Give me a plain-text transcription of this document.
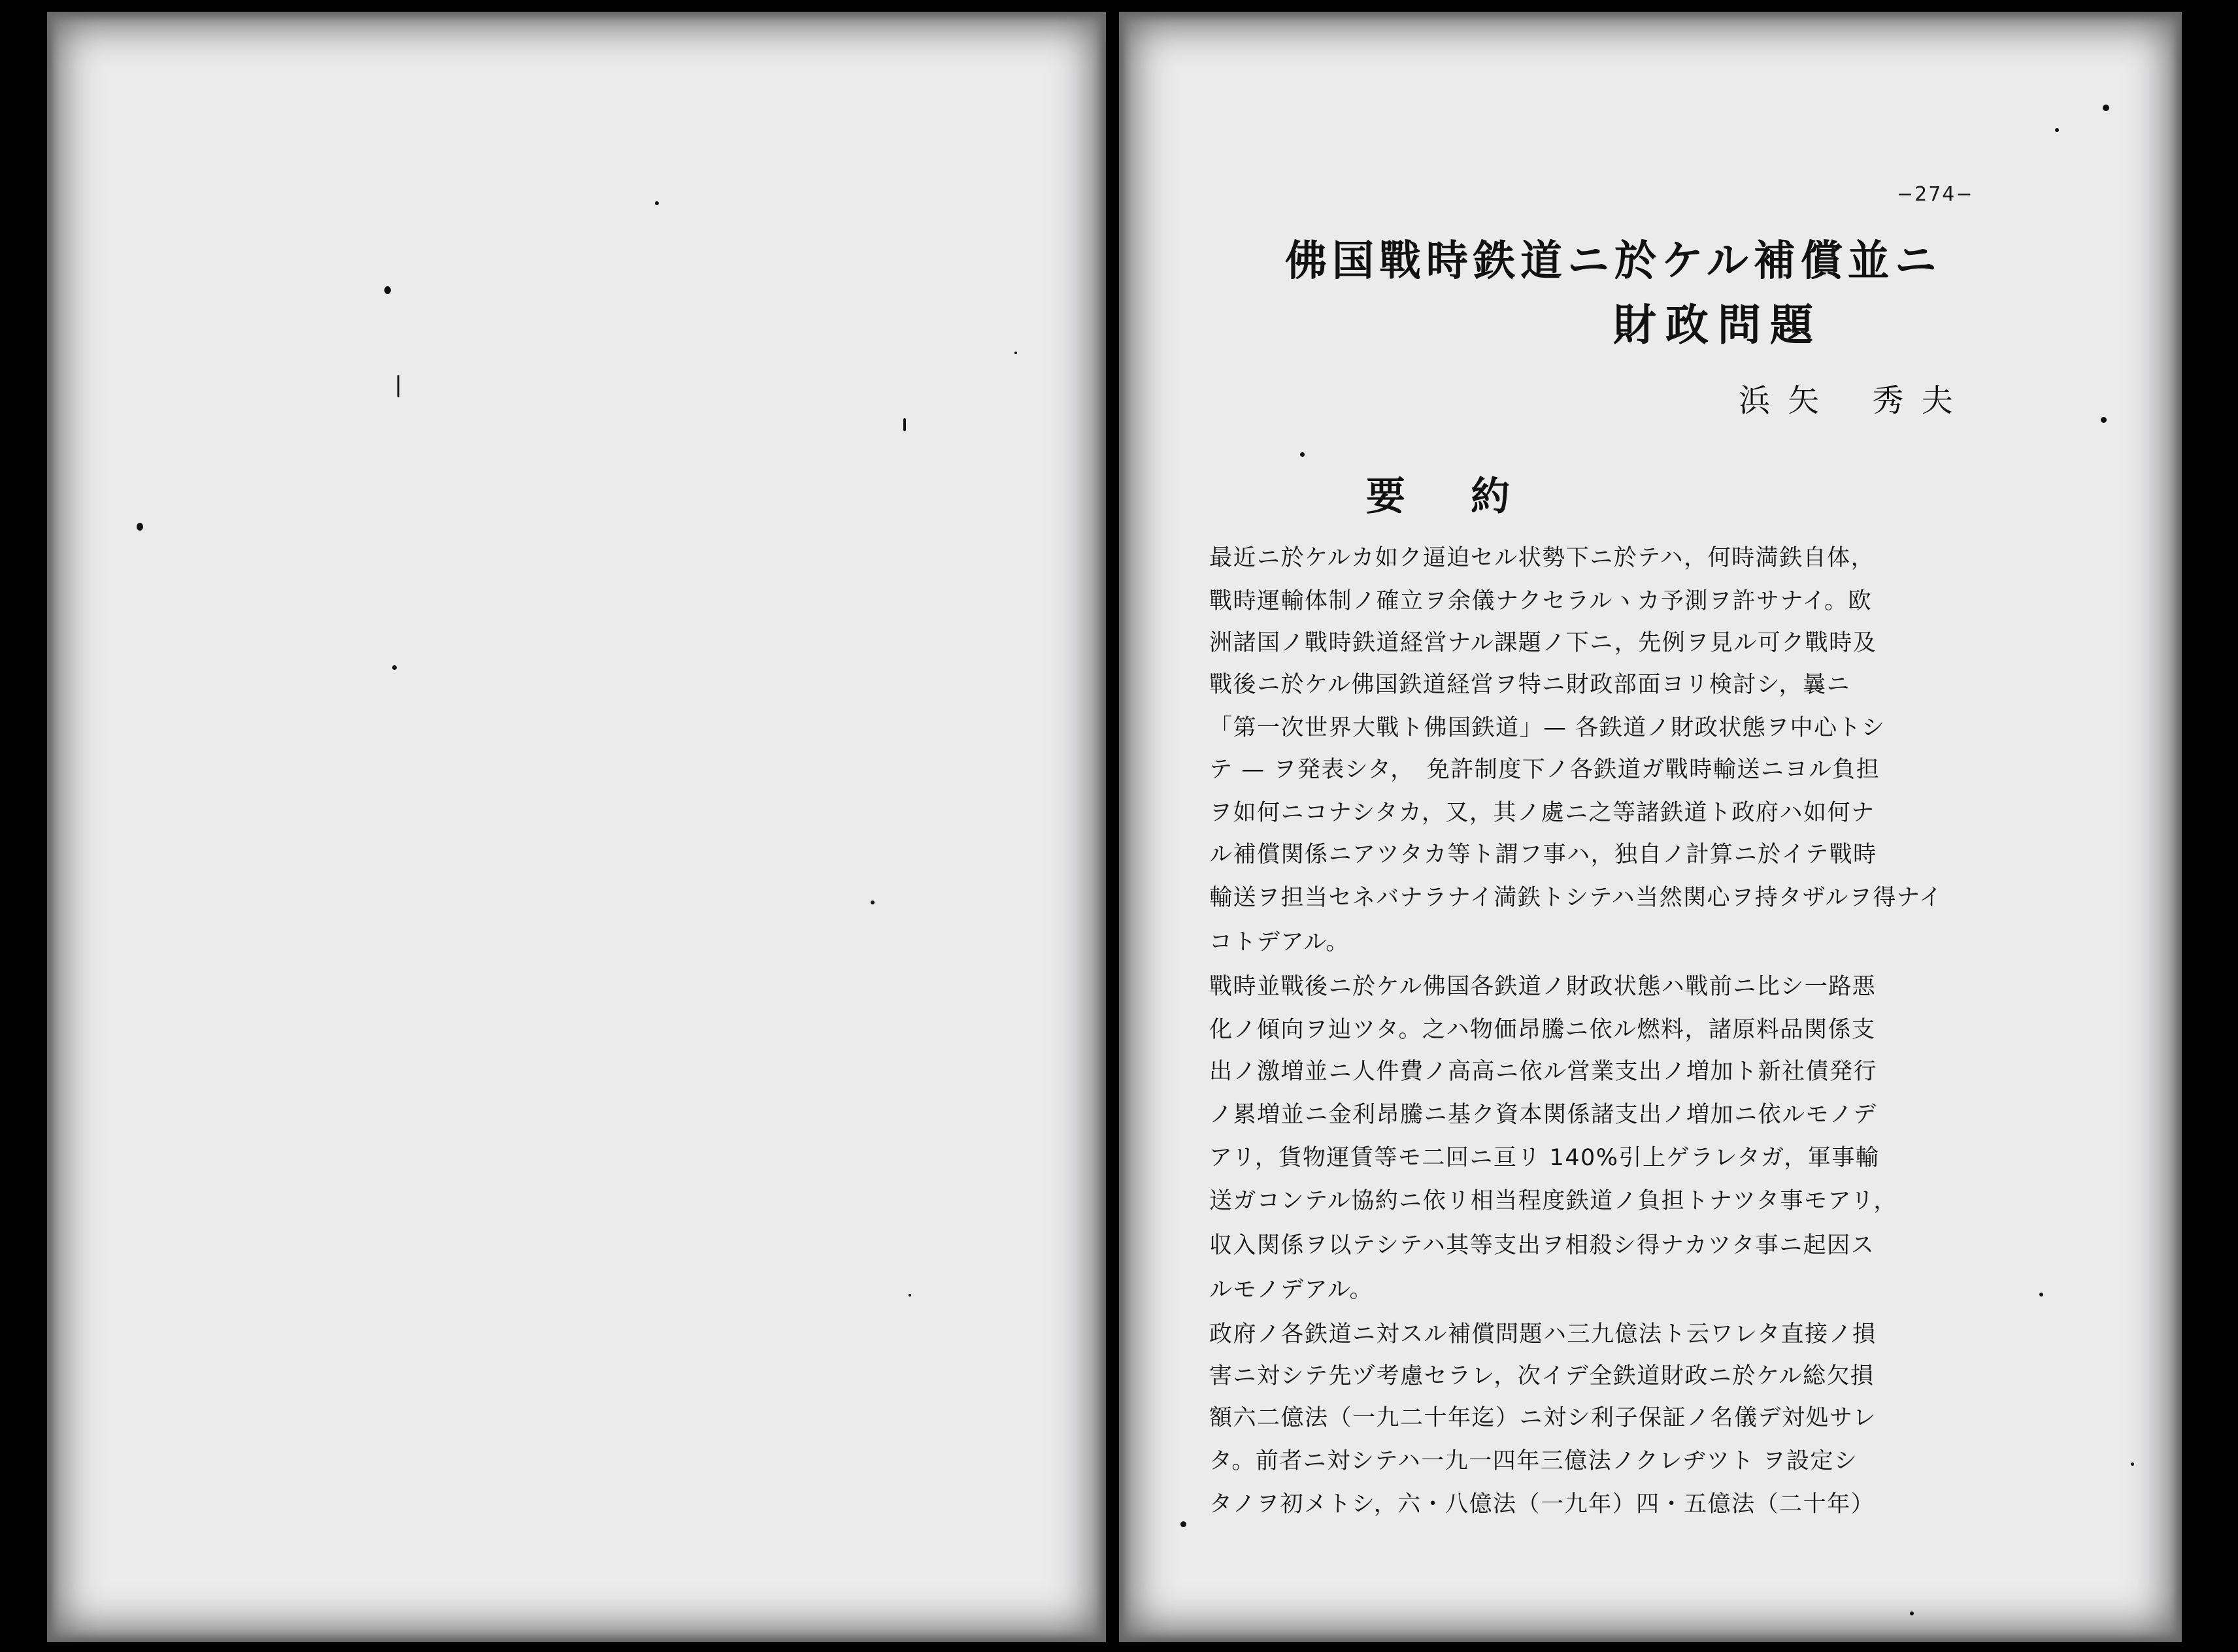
−274−
佛国戰時鉄道ニ於ケル補償並ニ
財政問題
浜 矢　 秀 夫
要約
最近ニ於ケルカ如ク逼迫セル状勢下ニ於テハ，何時満鉄自体，
戰時運輸体制ノ確立ヲ余儀ナクセラルヽカ予測ヲ許サナイ。欧
洲諸国ノ戰時鉄道経営ナル課題ノ下ニ，先例ヲ見ル可ク戰時及
戰後ニ於ケル佛国鉄道経営ヲ特ニ財政部面ヨリ検討シ，曩ニ
「第一次世界大戰ト佛国鉄道」— 各鉄道ノ財政状態ヲ中心トシ
テ — ヲ発表シタ，　免許制度下ノ各鉄道ガ戰時輸送ニヨル負担
ヲ如何ニコナシタカ，又，其ノ處ニ之等諸鉄道ト政府ハ如何ナ
ル補償関係ニアツタカ等ト謂フ事ハ，独自ノ計算ニ於イテ戰時
輸送ヲ担当セネバナラナイ満鉄トシテハ当然関心ヲ持タザルヲ得ナイ
コトデアル。
戰時並戰後ニ於ケル佛国各鉄道ノ財政状態ハ戰前ニ比シ一路悪
化ノ傾向ヲ辿ツタ。之ハ物価昂騰ニ依ル燃料，諸原料品関係支
出ノ激増並ニ人件費ノ高高ニ依ル営業支出ノ増加ト新社債発行
ノ累増並ニ金利昂騰ニ基ク資本関係諸支出ノ増加ニ依ルモノデ
アリ，貨物運賃等モ二回ニ亘リ 140%引上ゲラレタガ，軍事輸
送ガコンテル協約ニ依リ相当程度鉄道ノ負担トナツタ事モアリ，
収入関係ヲ以テシテハ其等支出ヲ相殺シ得ナカツタ事ニ起因ス
ルモノデアル。
政府ノ各鉄道ニ対スル補償問題ハ三九億法ト云ワレタ直接ノ損
害ニ対シテ先ヅ考慮セラレ，次イデ全鉄道財政ニ於ケル総欠損
額六二億法（一九二十年迄）ニ対シ利子保証ノ名儀デ対処サレ
タ。前者ニ対シテハ一九一四年三億法ノクレヂツト ヲ設定シ
タノヲ初メトシ，六・八億法（一九年）四・五億法（二十年）
